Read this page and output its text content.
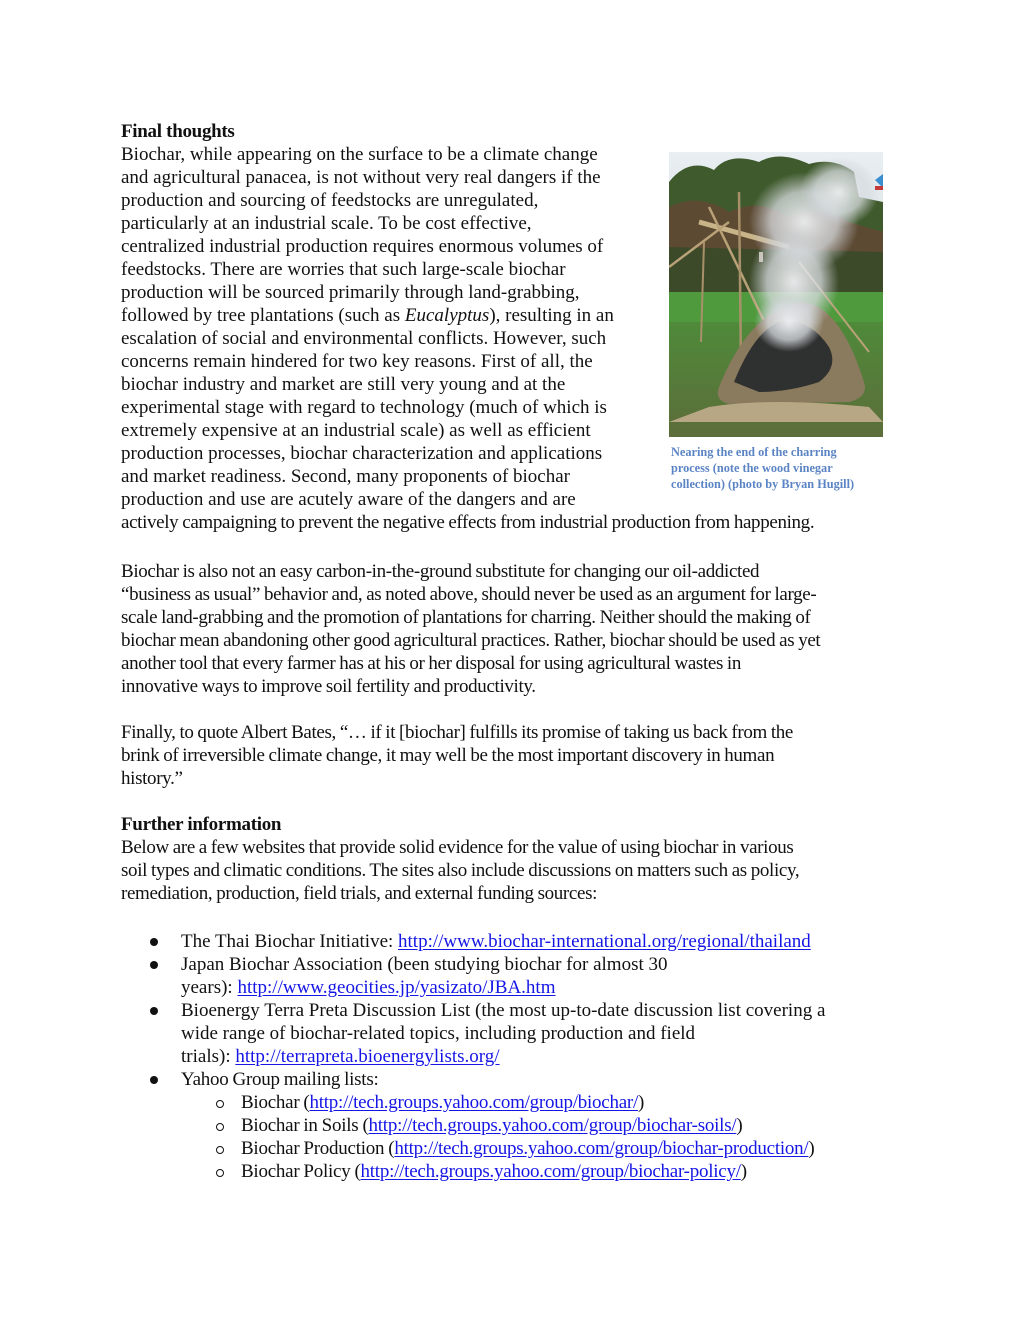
Final thoughts
Biochar, while appearing on the surface to be a climate change
and agricultural panacea, is not without very real dangers if the
production and sourcing of feedstocks are unregulated,
particularly at an industrial scale. To be cost effective,
centralized industrial production requires enormous volumes of
feedstocks. There are worries that such large-scale biochar
production will be sourced primarily through land-grabbing,
followed by tree plantations (such as Eucalyptus), resulting in an
escalation of social and environmental conflicts. However, such
concerns remain hindered for two key reasons. First of all, the
biochar industry and market are still very young and at the
experimental stage with regard to technology (much of which is
extremely expensive at an industrial scale) as well as efficient
production processes, biochar characterization and applications
and market readiness. Second, many proponents of biochar
production and use are acutely aware of the dangers and are
actively campaigning to prevent the negative effects from industrial production from happening.
Nearing the end of the charring
process (note the wood vinegar
collection) (photo by Bryan Hugill)
Biochar is also not an easy carbon-in-the-ground substitute for changing our oil-addicted
“business as usual” behavior and, as noted above, should never be used as an argument for large-
scale land-grabbing and the promotion of plantations for charring. Neither should the making of
biochar mean abandoning other good agricultural practices. Rather, biochar should be used as yet
another tool that every farmer has at his or her disposal for using agricultural wastes in
innovative ways to improve soil fertility and productivity.
Finally, to quote Albert Bates, “… if it [biochar] fulfills its promise of taking us back from the
brink of irreversible climate change, it may well be the most important discovery in human
history.”
Further information
Below are a few websites that provide solid evidence for the value of using biochar in various
soil types and climatic conditions. The sites also include discussions on matters such as policy,
remediation, production, field trials, and external funding sources:
The Thai Biochar Initiative: http://www.biochar-international.org/regional/thailand
Japan Biochar Association (been studying biochar for almost 30
years): http://www.geocities.jp/yasizato/JBA.htm
Bioenergy Terra Preta Discussion List (the most up-to-date discussion list covering a
wide range of biochar-related topics, including production and field
trials): http://terrapreta.bioenergylists.org/
Yahoo Group mailing lists:
Biochar (http://tech.groups.yahoo.com/group/biochar/)
Biochar in Soils (http://tech.groups.yahoo.com/group/biochar-soils/)
Biochar Production (http://tech.groups.yahoo.com/group/biochar-production/)
Biochar Policy (http://tech.groups.yahoo.com/group/biochar-policy/)
